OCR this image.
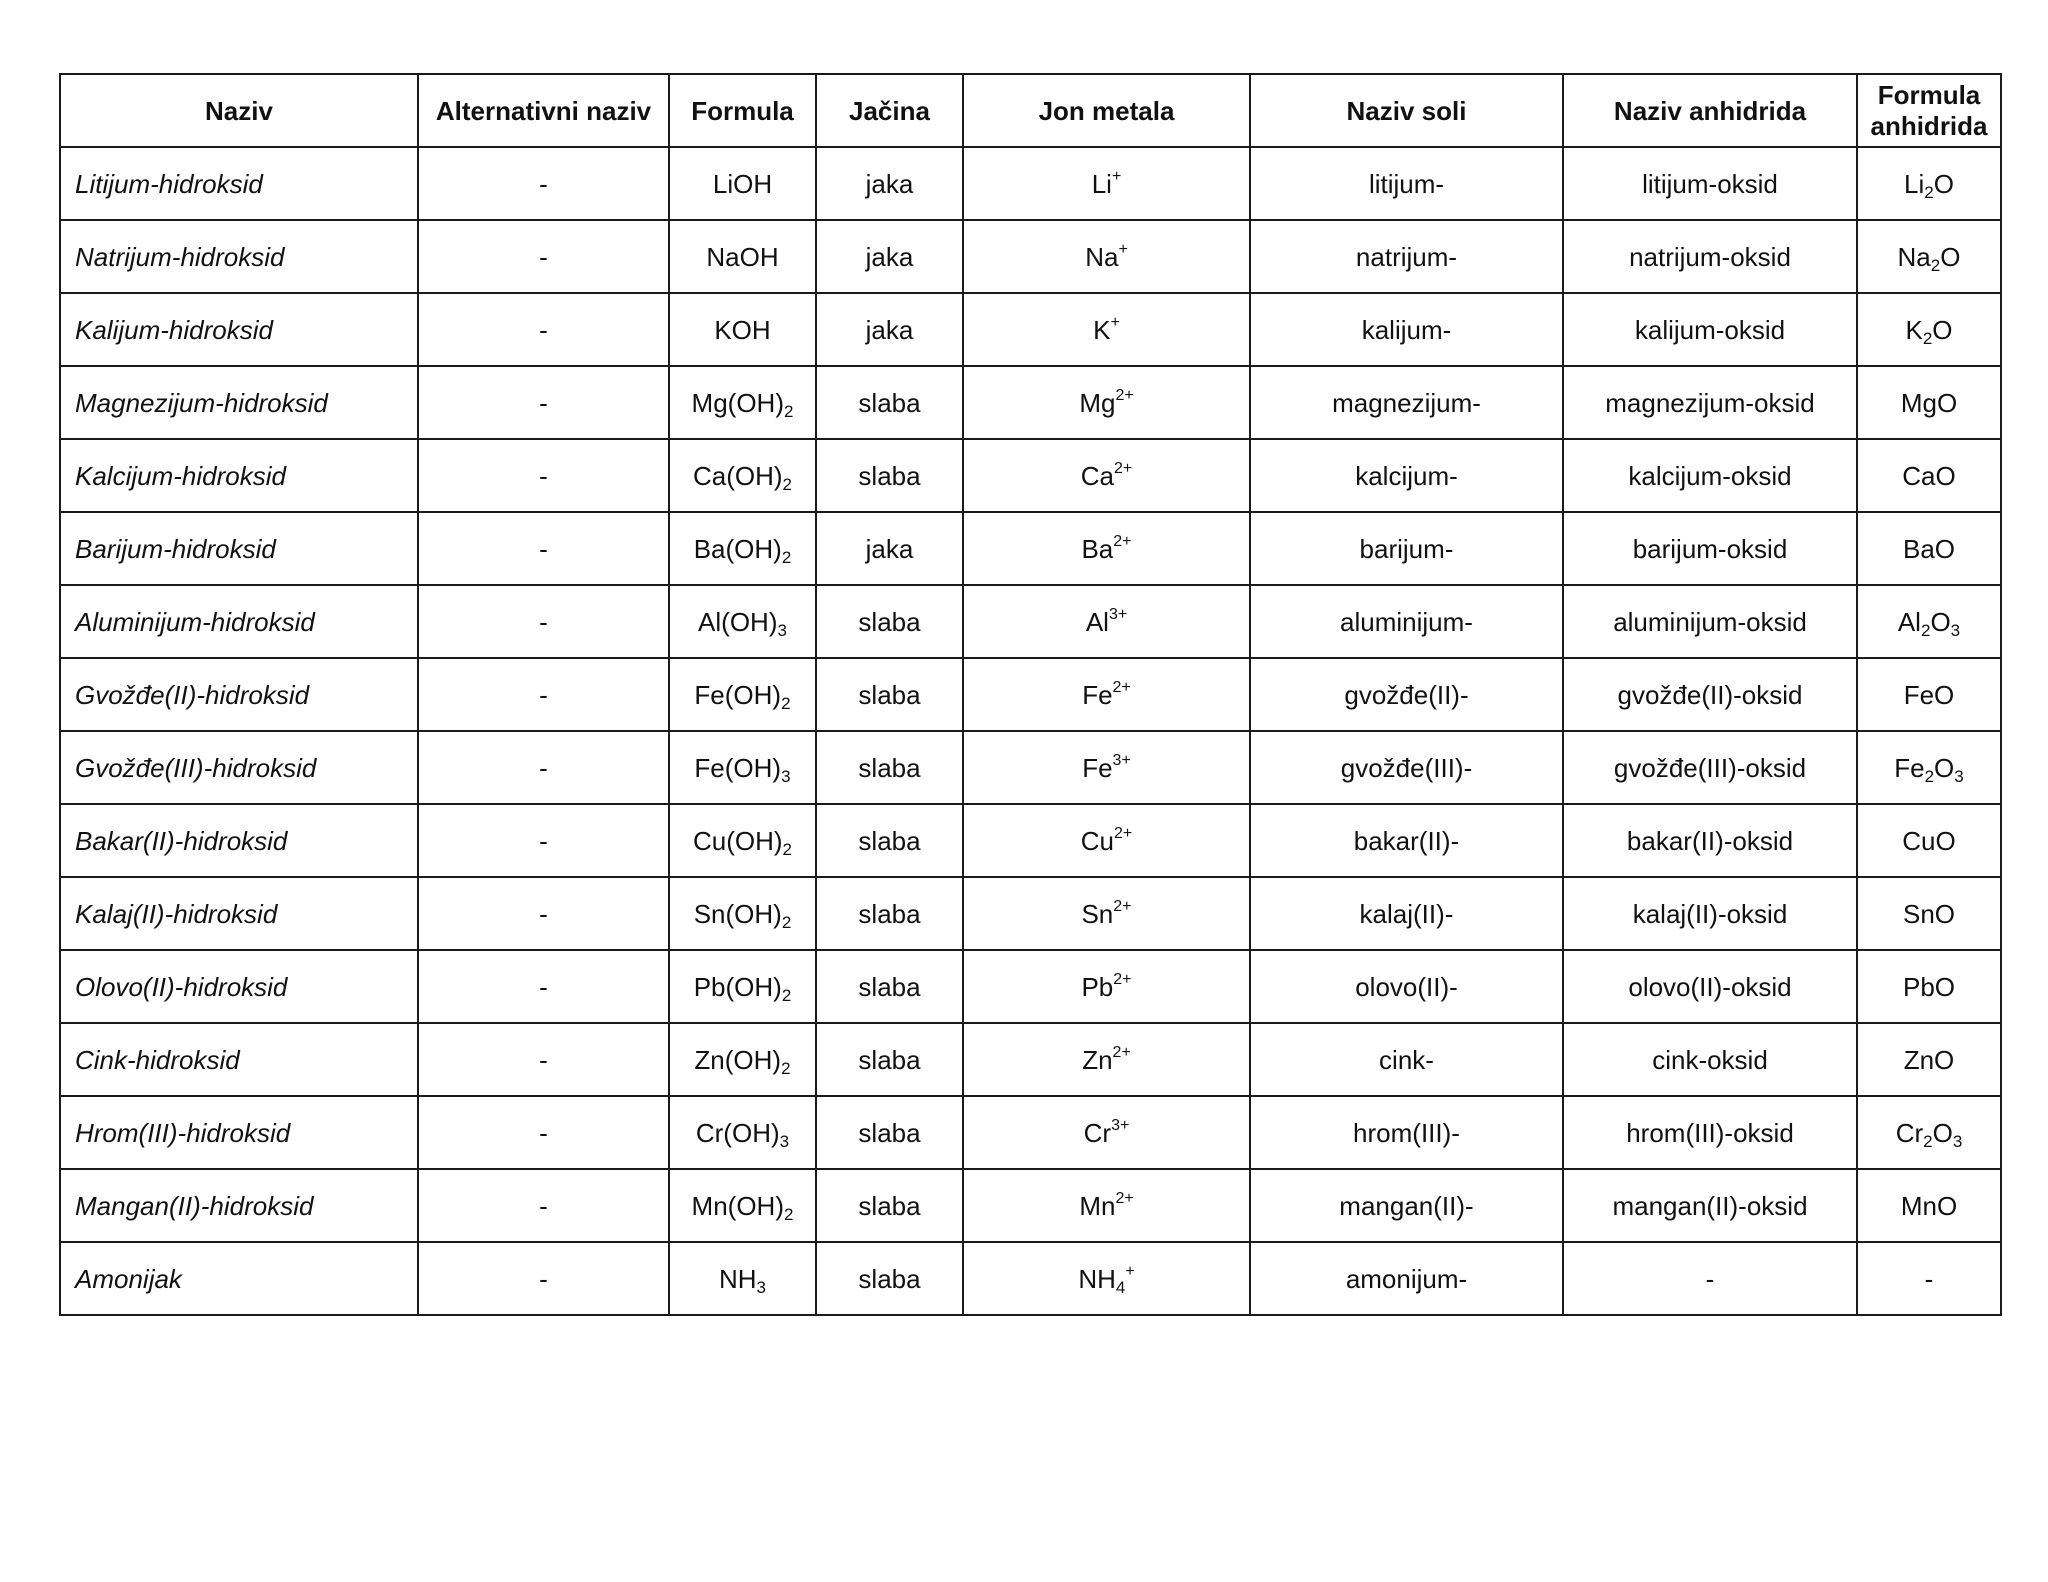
Naziv	Alternativni naziv	Formula	Jačina	Jon metala	Naziv soli	Naziv anhidrida	Formula
anhidrida

Litijum-hidroksid	-	LiOH	jaka	Li+	litijum-	litijum-oksid	$Li_2O$
Natrijum-hidroksid	-	NaOH	jaka	Na+	natrijum-	natrijum-oksid	$Na_2O$
Kalijum-hidroksid	-	KOH	jaka	K+	kalijum-	kalijum-oksid	$K_2O$
Magnezijum-hidroksid	-	$Mg(OH)_2$	slaba	$Mg^{2+}$	magnezijum-	magnezijum-oksid	MgO
Kalcijum-hidroksid	-	$Ca(OH)_2$	slaba	$Ca^{2+}$	kalcijum-	kalcijum-oksid	CaO
Barijum-hidroksid	-	$Ba(OH)_2$	jaka	$Ba^{2+}$	barijum-	barijum-oksid	BaO
Aluminijum-hidroksid	-	$Al(OH)_3$	slaba	$Al^{3+}$	aluminijum-	aluminijum-oksid	$Al_2O_3$
Gvožđe(II)-hidroksid	-	$Fe(OH)_2$	slaba	$Fe^{2+}$	gvožđe(II)-	gvožđe(II)-oksid	FeO
Gvožđe(III)-hidroksid	-	$Fe(OH)_3$	slaba	$Fe^{3+}$	gvožđe(III)-	gvožđe(III)-oksid	$Fe_2O_3$
Bakar(II)-hidroksid	-	$Cu(OH)_2$	slaba	$Cu^{2+}$	bakar(II)-	bakar(II)-oksid	CuO
Kalaj(II)-hidroksid	-	$Sn(OH)_2$	slaba	$Sn^{2+}$	kalaj(II)-	kalaj(II)-oksid	SnO
Olovo(II)-hidroksid	-	$Pb(OH)_2$	slaba	$Pb^{2+}$	olovo(II)-	olovo(II)-oksid	PbO
Cink-hidroksid	-	$Zn(OH)_2$	slaba	$Zn^{2+}$	cink-	cink-oksid	ZnO
Hrom(III)-hidroksid	-	$Cr(OH)_3$	slaba	$Cr^{3+}$	hrom(III)-	hrom(III)-oksid	$Cr_2O_3$
Mangan(II)-hidroksid	-	$Mn(OH)_2$	slaba	$Mn^{2+}$	mangan(II)-	mangan(II)-oksid	MnO
Amonijak	-	$NH_3$	slaba	$NH_4^+$	amonijum-	-	-
